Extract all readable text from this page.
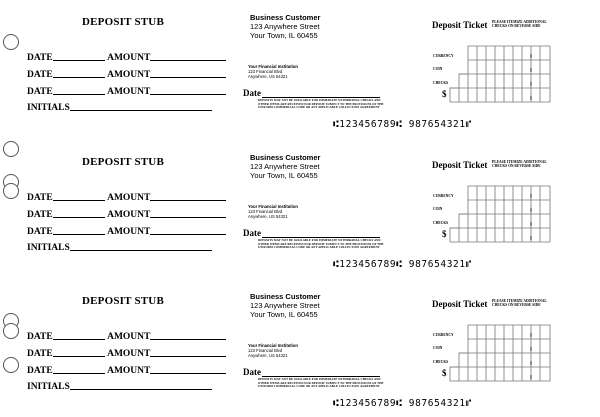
DEPOSIT STUB
DATE	AMOUNT
DATE	AMOUNT
DATE	AMOUNT
INITIALS
Business Customer
123 Anywhere Street
Your Town, IL 60455
Your Financial Institution
123 Financial Blvd
Anywhere, US 54321
Date
DEPOSITS MAY NOT BE AVAILABLE FOR IMMEDIATE WITHDRAWAL CHECKS AND OTHER ITEMS ARE RECEIVED FOR DEPOSIT SUBJECT TO THE PROVISIONS OF THE UNIFORM COMMERCIAL CODE OR ANY APPLICABLE COLLECTION AGREEMENT
⑆123456789⑆ 987654321⑈
Deposit Ticket PLEASE ITEMIZE ADDITIONAL CHECKS ON REVERSE SIDE
CURRENCY
COIN
CHECKS
$
DEPOSIT STUB
DATE	AMOUNT
DATE	AMOUNT
DATE	AMOUNT
INITIALS
Business Customer
123 Anywhere Street
Your Town, IL 60455
Your Financial Institution
123 Financial Blvd
Anywhere, US 54321
Date
DEPOSITS MAY NOT BE AVAILABLE FOR IMMEDIATE WITHDRAWAL CHECKS AND OTHER ITEMS ARE RECEIVED FOR DEPOSIT SUBJECT TO THE PROVISIONS OF THE UNIFORM COMMERCIAL CODE OR ANY APPLICABLE COLLECTION AGREEMENT
⑆123456789⑆ 987654321⑈
Deposit Ticket PLEASE ITEMIZE ADDITIONAL CHECKS ON REVERSE SIDE
CURRENCY
COIN
CHECKS
$
DEPOSIT STUB
DATE	AMOUNT
DATE	AMOUNT
DATE	AMOUNT
INITIALS
Business Customer
123 Anywhere Street
Your Town, IL 60455
Your Financial Institution
123 Financial Blvd
Anywhere, US 54321
Date
DEPOSITS MAY NOT BE AVAILABLE FOR IMMEDIATE WITHDRAWAL CHECKS AND OTHER ITEMS ARE RECEIVED FOR DEPOSIT SUBJECT TO THE PROVISIONS OF THE UNIFORM COMMERCIAL CODE OR ANY APPLICABLE COLLECTION AGREEMENT
⑆123456789⑆ 987654321⑈
Deposit Ticket PLEASE ITEMIZE ADDITIONAL CHECKS ON REVERSE SIDE
CURRENCY
COIN
CHECKS
$
